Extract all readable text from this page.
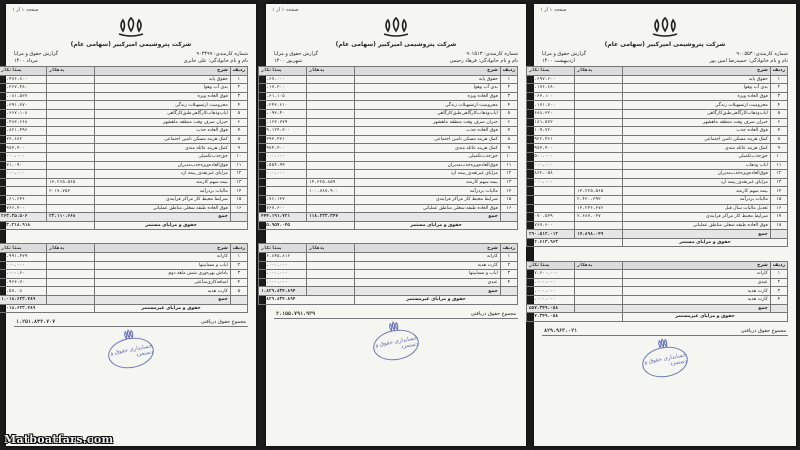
صفحه ۱ از ۱
شرکت پتروشیمی امیرکبیر (سهامی عام)
شماره کارمندی: ۹۰۳۴۹۹
گزارش حقوق و مزایا
نام و نام خانوادگی: علی جابری
مرداد ۱۴۰۰
ردیف	شرح	بدهکار	بستانکار
۱	حقوق پایه		۴۳،۴۷۶،۸۰۰
۲	بدی آب وهوا		۲۷،۳۶۷،۴۸۰
۳	فوق العاده ویژه		۲۵،۰۸۱،۵۲۷
۴	محرومیت ازتسهیلات زندگی		۲۳،۳۹۱،۷۷۰
۵	ایاب‌وذهاب‌کارگاهی‌طبق‌کارگاهی		۱۱،۶۶۷،۱۰۸
۶	جبران صرف وقت منطقه ماهشهر		۱۲،۴۸۳،۶۶۸
۷	فوق العاده جذب		۱۵،۸۲۱،۴۹۶
۸	کمک هزینه مسکن تامین اجتماعی		۷،۲۶،۶۸۲
۹	کمک هزینه عائله مندی		۱،۹۷۴،۴۰۰
۱۰	حق‌جذب‌تکمیلی		۴،۰۰۰،۰۰۰
۱۱	فوق‌العاده‌ویژه‌جذب‌مدیران		۵،۳۱،۰۹۰
۱۲	مزایای غیرنقدی_بیمه ارد		۴،۰۰۰،۰۰۰
۱۳	بیمه سهم کارمند	۱۳،۲۶۵،۵۶۵	
۱۴	مالیات بردرآمد	۲۰۱۷،۷۵۳	
۱۵	شرایط محیط کار مراکز فرایندی		۲۰،۶۱،۶۴۶
۱۶	فوق العاده طبقه شغلی مناطق عملیاتی		۲،۷۶۶،۴۰۰
	جمع	۲۳،۱۱۰،۶۶۸	۲۶۳،۲۵،۵۰۶
حقوق و مزایای مستمر		۲۳۳،۲۱۸،۹۱۸	
ردیف	شرح	بدهکار	بستانکار
۱	کارانه		۵۰،۹۹۱،۴۷۹
۲	ایاب و مسابیتها		۱،۰۰۰،۰۰۰
۳	پاداش بهره‌وری شش ماهه دوم		۷۹،۰۰۰،۶۰
۴	اضافه‌کاری‌ساعتی		۱۷،۹۶۳،۷۰
۵	کارت هدیه		۲۴،۵۷،۰۸
	جمع		۱،۰۱۸،۶۲۳،۷۸۹
حقوق و مزایای غیرمستمر		۱،۰۱۸،۶۲۳،۷۸۹	
مجموع حقوق دریافتی
۱،۲۵۱،۸۴۲،۷۰۷
حسابداری حقوق و دستمزد
صفحه ۱ از ۱
شرکت پتروشیمی امیرکبیر (سهامی عام)
شماره کارمندی: ۹۰۱۵۱۳
گزارش حقوق و مزایا
نام و نام خانوادگی: فرهاد رحیمی
شهریور ۱۴۰۰
ردیف	شرح	بدهکار	بستانکار
۱	حقوق پایه		۸۰،۶۷،۰۰۰
۲	بدی آب وهوا		۲۲،۱۷،۳۰۰
۳	فوق العاده ویژه		۳۲،۶۱،۱۰۵
۴	محرومیت ازتسهیلات زندگی		۳۰،۲۴۳،۶۱۰
۵	ایاب‌وذهاب‌کارگاهی‌طبق‌کارگاهی		۱۱،۰۹۳،۴۰
۶	جبران صرف وقت منطقه ماهشهر		۱۸،۱۶۳،۷۷۹
۷	فوق العاده جذب		۱۳۹،۱۲۴،۳۰۰
۸	کمک هزینه مسکن تامین اجتماعی		۶،۲۹۳،۴۳۱
۹	کمک هزینه عائله مندی		۱،۹۷۴،۴۰۰
۱۰	حق‌جذب‌تکمیلی		۴،۰۰۰،۰۰۰
۱۱	فوق‌العاده‌ویژه‌جذب‌مدیران		۲۸،۵۵۴،۹۹
۱۲	مزایای غیرنقدی_بیمه ارد		۴،۰۰۰،۰۰۰
۱۳	بیمه سهم کارمند	۱۴،۳۲۵،۸۵۹	
۱۴	مالیات بردرآمد	۱۰۰،۷۸۷،۹۰۰	
۱۵	شرایط محیط کار مراکز فرایندی		۳۶،۷۶،۱۳۷
۱۶	فوق العاده طبقه شغلی مناطق عملیاتی		۴،۷۶۷،۶۰۰
	جمع	۱۱۸،۲۳۳،۳۴۷	۴۴۴،۱۹۱،۷۲۱
حقوق و مزایای مستمر		۳۲۵،۹۵۷،۰۴۵	
ردیف	شرح	بدهکار	بستانکار
۱	کارانه		۶۷۶،۸۴۵،۸۱۶
۲	کارت هدیه		۳۶،۰۰۰،۰۰۰
۳	ایاب و مسابیتها		۲۰،۰۰۰،۰۰۰
۴	عیدی		۳۸،۰۰۰،۰۰۰
	جمع		۱،۸۲۹،۸۳۴،۸۹۴
حقوق و مزایای غیرمستمر		۱،۸۲۹،۸۳۴،۸۹۴	
مجموع حقوق دریافتی
۲،۱۵۵،۷۹۱،۹۳۹
حسابداری حقوق و دستمزد
صفحه ۱ از ۱
شرکت پتروشیمی امیرکبیر (سهامی عام)
شماره کارمندی: ۹۰۰۵۵۳
گزارش حقوق و مزایا
نام و نام خانوادگی: حمیدرضا امین پور
اردیبهشت ۱۴۰۰
ردیف	شرح	بدهکار	بستانکار
۱	حقوق پایه		۶۳،۶۹۷،۶۰۰
۲	بدی آب وهوا		۱۳،۱۷۶،۶۸۰
۳	فوق العاده ویژه		۲،۰۶۳،۱۰۰
۴	محرومیت ازتسهیلات زندگی		۱۷،۱۷۱،۷۰۰
۵	ایاب‌وذهاب‌کارگاهی‌طبق‌کارگاهی		۶،۶۸۸،۳۲۰
۶	جبران صرف وقت منطقه ماهشهر		۶،۱۸۱،۵۷۲
۷	فوق العاده جذب		۲،۱۰۹،۷۲۰
۸	کمک هزینه مسکن تامین اجتماعی		۲،۹۲۲،۴۶۱
۹	کمک هزینه عائله مندی		۱،۹۷۴،۴۰۰
۱۰	حق‌جذب‌تکمیلی		۲،۵۰۰،۰۰۰
۱۱	ایاب وذهاب		۲،۰۰۰،۰۰۰
۱۲	فوق‌العاده‌ویژه‌جذب‌مدیران		۳،۸۶۲،۰۵۸
۱۳	مزایای غیرنقدی_بیمه ارد		۴،۰۰۰،۰۰۰
۱۴	بیمه سهم کارمند	۱۳،۲۲۵،۵۶۵	
۱۵	مالیات بردرآمد	۲،۴۶۰،۳۹۳	
۱۶	تعدیل مالیات سال قبل	۱۳،۲۴۶،۲۷۶	
۱۷	شرایط محیط کار مراکز فرایندی	۲،۶۸۷،۰۴۷	۲،۰۷۰،۵۳۹
۱۸	فوق العاده طبقه شغلی مناطق عملیاتی		۴،۷۶۷،۶۰۰
	جمع	۱۷،۸۹۸،۰۴۹	۲۹۰،۵۱۲،۰۱۲
حقوق و مزایای مستمر		۲۷۲،۶۱۳،۹۶۳	
ردیف	شرح	بدهکار	بستانکار
۱	کارانه		۲۲۷،۶۰۰،۰۰۰
۲	عیدی		۳۰،۰۰۰،۰۰۰
۳	کارت هدیه		۸۰،۰۰۰،۰۰۰
۴	کارت هدیه		۲۰،۰۰۰،۰۰۰
	جمع		۵۵۷،۳۴۹،۰۵۸
حقوق و مزایای غیرمستمر		۵۵۷،۳۴۹،۰۵۸	
مجموع حقوق دریافتی
۸۲۹،۹۶۳،۰۲۱
حسابداری حقوق و دستمزد
Matboatfars.com
